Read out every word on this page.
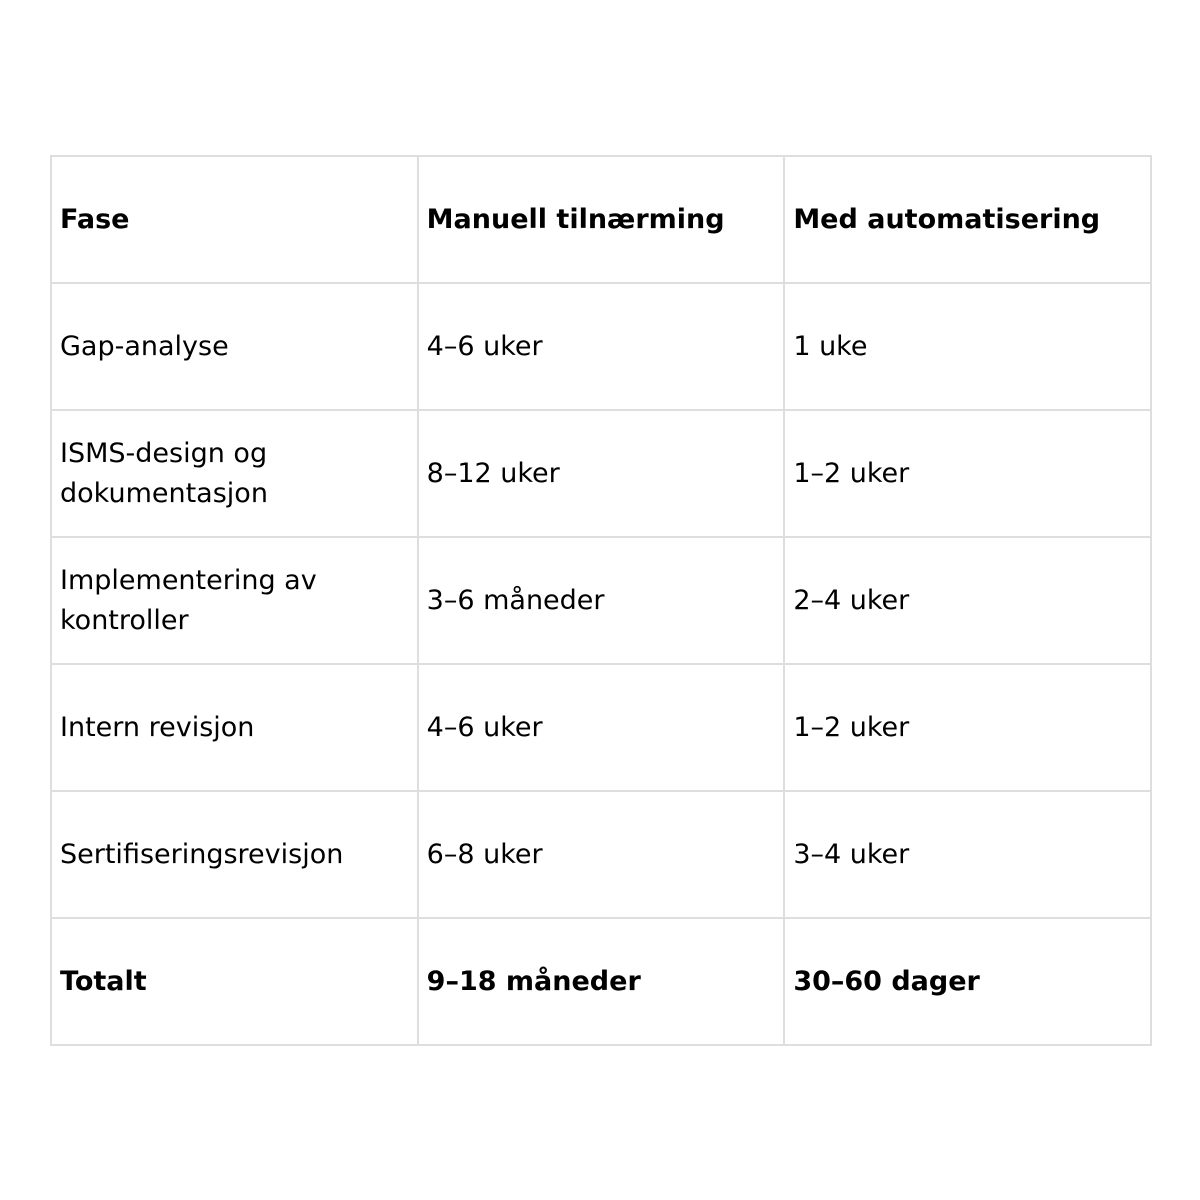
Fase	Manuell tilnærming	Med automatisering
Gap-analyse	4–6 uker	1 uke
ISMS-design og dokumentasjon	8–12 uker	1–2 uker
Implementering av kontroller	3–6 måneder	2–4 uker
Intern revisjon	4–6 uker	1–2 uker
Sertifiseringsrevisjon	6–8 uker	3–4 uker
Totalt	9–18 måneder	30–60 dager
